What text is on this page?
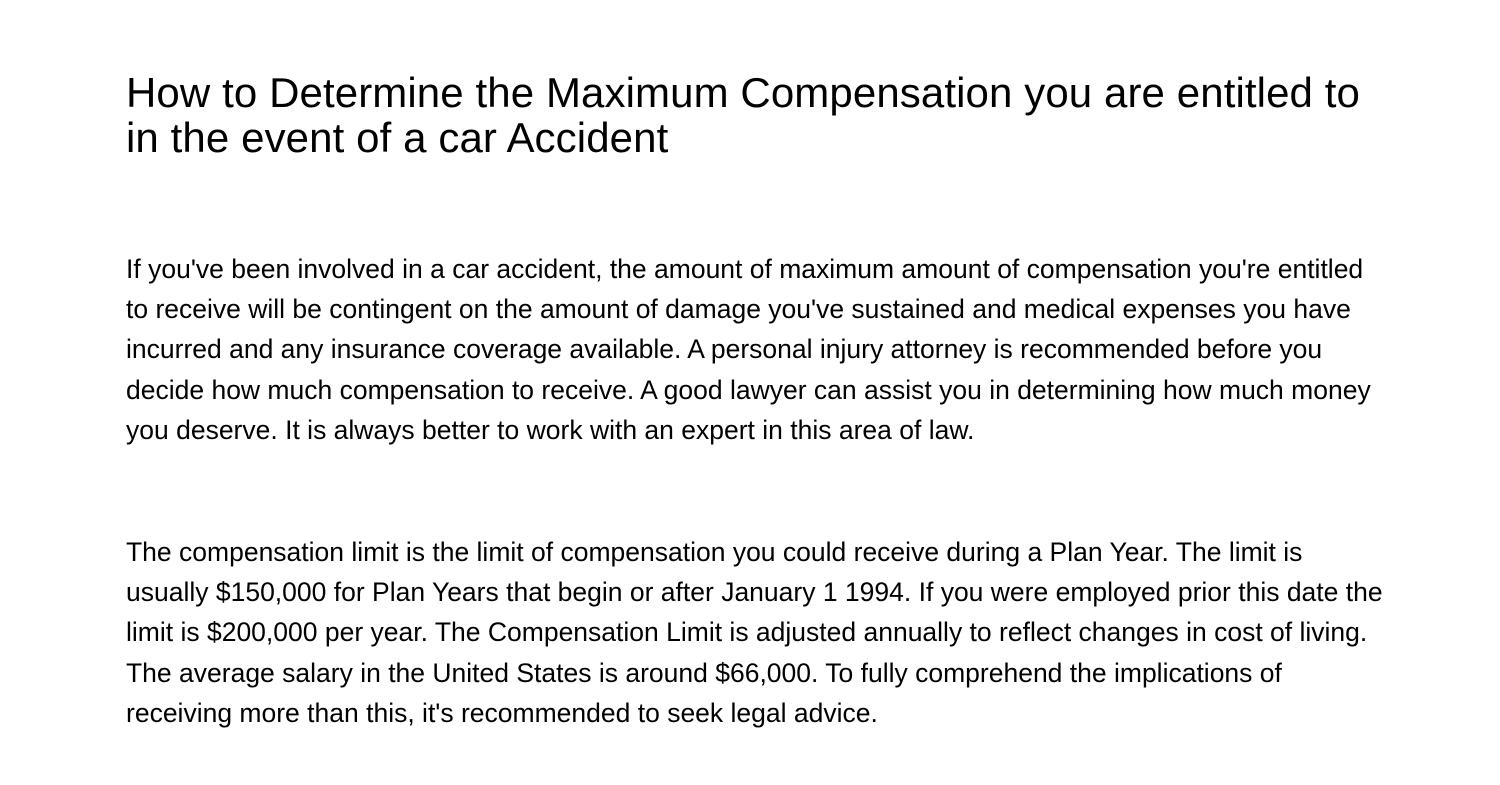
How to Determine the Maximum Compensation you are entitled to in the event of a car Accident

If you've been involved in a car accident, the amount of maximum amount of compensation you're entitled to receive will be contingent on the amount of damage you've sustained and medical expenses you have incurred and any insurance coverage available. A personal injury attorney is recommended before you decide how much compensation to receive. A good lawyer can assist you in determining how much money you deserve. It is always better to work with an expert in this area of law.

The compensation limit is the limit of compensation you could receive during a Plan Year. The limit is usually $150,000 for Plan Years that begin or after January 1 1994. If you were employed prior this date the limit is $200,000 per year. The Compensation Limit is adjusted annually to reflect changes in cost of living. The average salary in the United States is around $66,000. To fully comprehend the implications of receiving more than this, it's recommended to seek legal advice.
